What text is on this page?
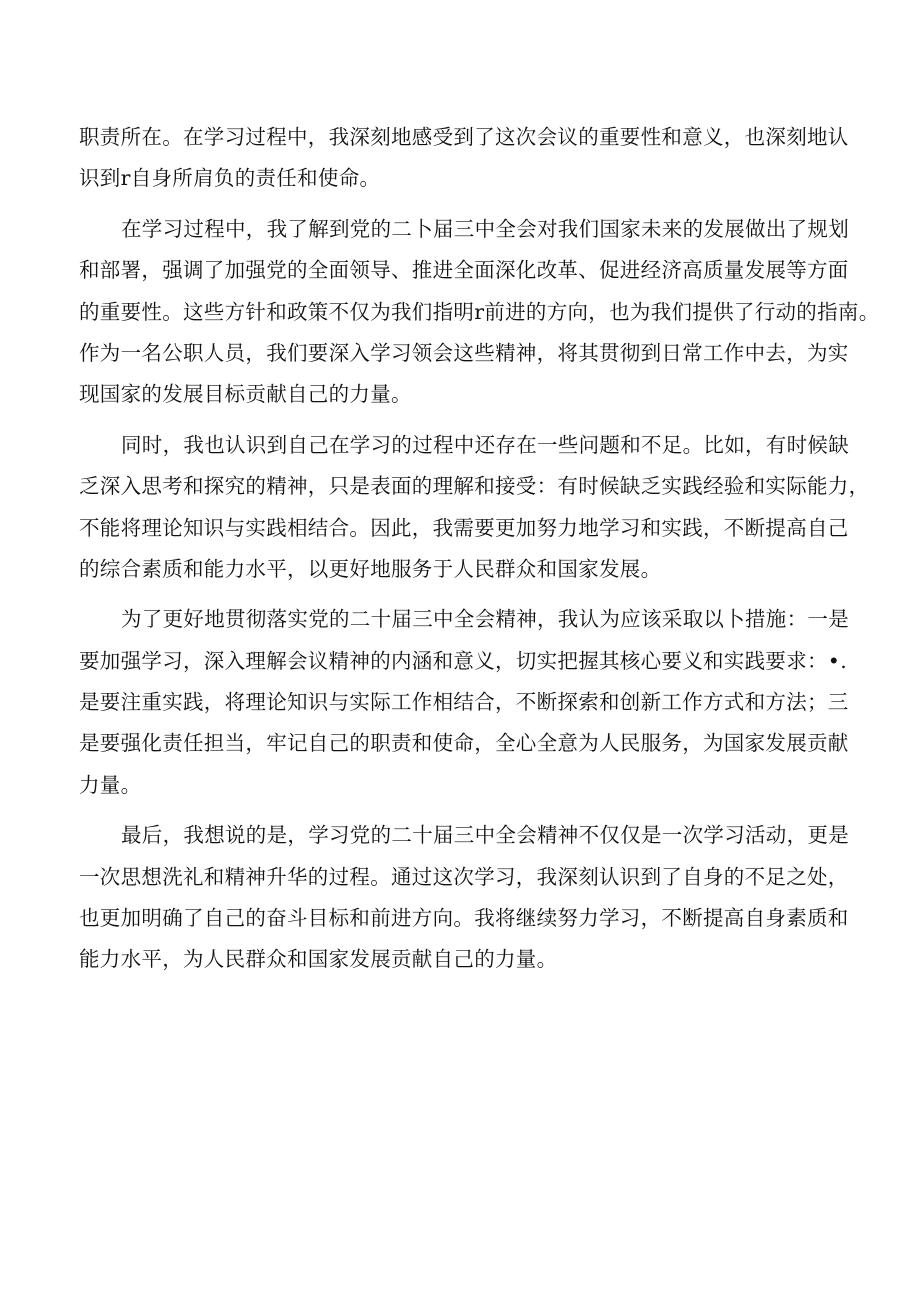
职责所在。在学习过程中，我深刻地感受到了这次会议的重要性和意义，也深刻地认
识到r自身所肩负的责任和使命。
在学习过程中，我了解到党的二卜届三中全会对我们国家未来的发展做出了规划
和部署，强调了加强党的全面领导、推进全面深化改革、促进经济高质量发展等方面
的重要性。这些方针和政策不仅为我们指明r前进的方向，也为我们提供了行动的指南。
作为一名公职人员，我们要深入学习领会这些精神，将其贯彻到日常工作中去，为实
现国家的发展目标贡献自己的力量。
同时，我也认识到自己在学习的过程中还存在一些问题和不足。比如，有时候缺
乏深入思考和探究的精神，只是表面的理解和接受：有时候缺乏实践经验和实际能力，
不能将理论知识与实践相结合。因此，我需要更加努力地学习和实践，不断提高自己
的综合素质和能力水平，以更好地服务于人民群众和国家发展。
为了更好地贯彻落实党的二十届三中全会精神，我认为应该采取以卜措施：一是
要加强学习，深入理解会议精神的内涵和意义，切实把握其核心要义和实践要求：•.
是要注重实践，将理论知识与实际工作相结合，不断探索和创新工作方式和方法；三
是要强化责任担当，牢记自己的职责和使命，全心全意为人民服务，为国家发展贡献
力量。
最后，我想说的是，学习党的二十届三中全会精神不仅仅是一次学习活动，更是
一次思想洗礼和精神升华的过程。通过这次学习，我深刻认识到了自身的不足之处，
也更加明确了自己的奋斗目标和前进方向。我将继续努力学习，不断提高自身素质和
能力水平，为人民群众和国家发展贡献自己的力量。
